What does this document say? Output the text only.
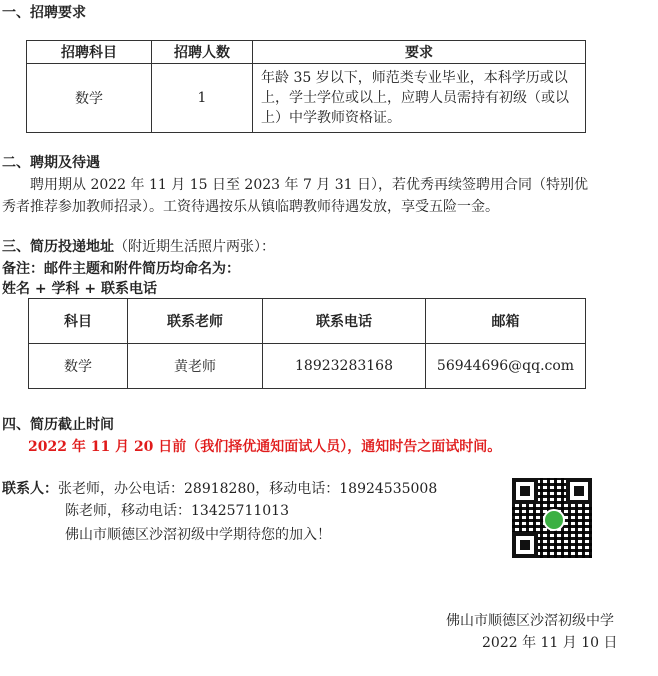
一、招聘要求
招聘科目	招聘人数	要求
数学	1	年龄 35 岁以下，师范类专业毕业，本科学历或以上，学士学位或以上，应聘人员需持有初级（或以上）中学教师资格证。
二、聘期及待遇
聘用期从 2022 年 11 月 15 日至 2023 年 7 月 31 日），若优秀再续签聘用合同（特别优
秀者推荐参加教师招录）。工资待遇按乐从镇临聘教师待遇发放，享受五险一金。
三、简历投递地址（附近期生活照片两张）：
备注：邮件主题和附件简历均命名为：
姓名 + 学科 + 联系电话
科目	联系老师	联系电话	邮箱
数学	黄老师	18923283168	56944696@qq.com
四、简历截止时间
2022 年 11 月 20 日前（我们择优通知面试人员），通知时告之面试时间。
联系人：张老师，办公电话：28918280，移动电话：18924535008
陈老师，移动电话：13425711013
佛山市顺德区沙滘初级中学期待您的加入！
佛山市顺德区沙滘初级中学
2022 年 11 月 10 日
